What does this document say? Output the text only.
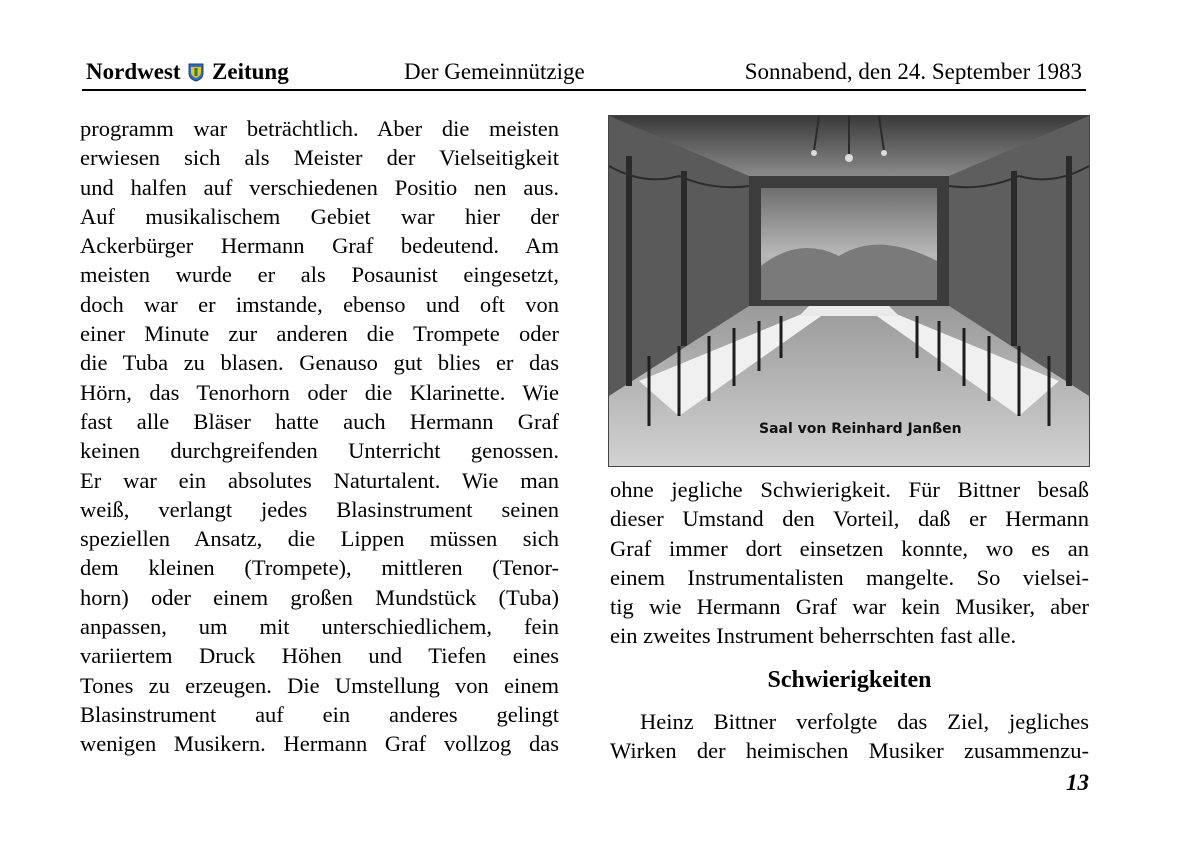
Nordwest Zeitung	Der Gemeinnützige	Sonnabend, den 24. September 1983

programm war beträchtlich. Aber die meisten

erwiesen sich als Meister der Vielseitigkeit

und halfen auf verschiedenen Positio nen aus.

Auf musikalischem Gebiet war hier der

Ackerbürger Hermann Graf bedeutend. Am

meisten wurde er als Posaunist eingesetzt,

doch war er imstande, ebenso und oft von

einer Minute zur anderen die Trompete oder

die Tuba zu blasen. Genauso gut blies er das

Hörn, das Tenorhorn oder die Klarinette. Wie

fast alle Bläser hatte auch Hermann Graf

keinen durchgreifenden Unterricht genossen.

Er war ein absolutes Naturtalent. Wie man

weiß, verlangt jedes Blasinstrument seinen

speziellen Ansatz, die Lippen müssen sich

dem kleinen (Trompete), mittleren (Tenor-

horn) oder einem großen Mundstück (Tuba)

anpassen, um mit unterschiedlichem, fein

variiertem Druck Höhen und Tiefen eines

Tones zu erzeugen. Die Umstellung von einem

Blasinstrument auf ein anderes gelingt

wenigen Musikern. Hermann Graf vollzog das

Saal von Reinhard Janßen

ohne jegliche Schwierigkeit. Für Bittner besaß

dieser Umstand den Vorteil, daß er Hermann

Graf immer dort einsetzen konnte, wo es an

einem Instrumentalisten mangelte. So vielsei-

tig wie Hermann Graf war kein Musiker, aber

ein zweites Instrument beherrschten fast alle.

Schwierigkeiten

Heinz Bittner verfolgte das Ziel, jegliches

Wirken der heimischen Musiker zusammenzu-

13
